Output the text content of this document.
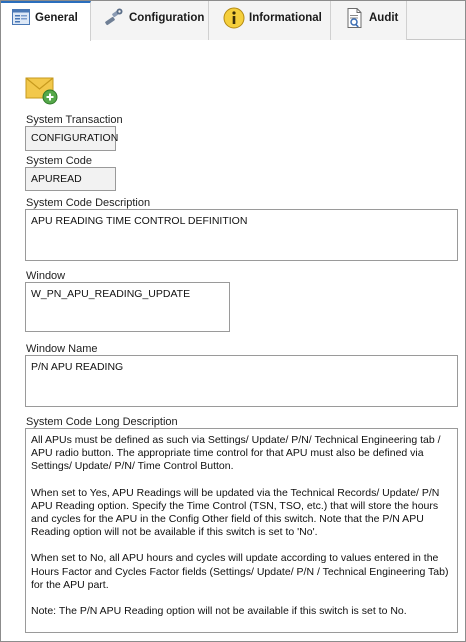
General	Configuration	Informational	Audit
System Transaction
CONFIGURATION
System Code
APUREAD
System Code Description
APU READING TIME CONTROL DEFINITION
Window
W_PN_APU_READING_UPDATE
Window Name
P/N APU READING
System Code Long Description

All APUs must be defined as such via Settings/ Update/ P/N/ Technical Engineering tab / APU radio button. The appropriate time control for that APU must also be defined via Settings/ Update/ P/N/ Time Control Button.

When set to Yes, APU Readings will be updated via the Technical Records/ Update/ P/N APU Reading option. Specify the Time Control (TSN, TSO, etc.) that will store the hours and cycles for the APU in the Config Other field of this switch. Note that the P/N APU Reading option will not be available if this switch is set to 'No'.

When set to No, all APU hours and cycles will update according to values entered in the Hours Factor and Cycles Factor fields (Settings/ Update/ P/N / Technical Engineering Tab) for the APU part.

Note: The P/N APU Reading option will not be available if this switch is set to No.
